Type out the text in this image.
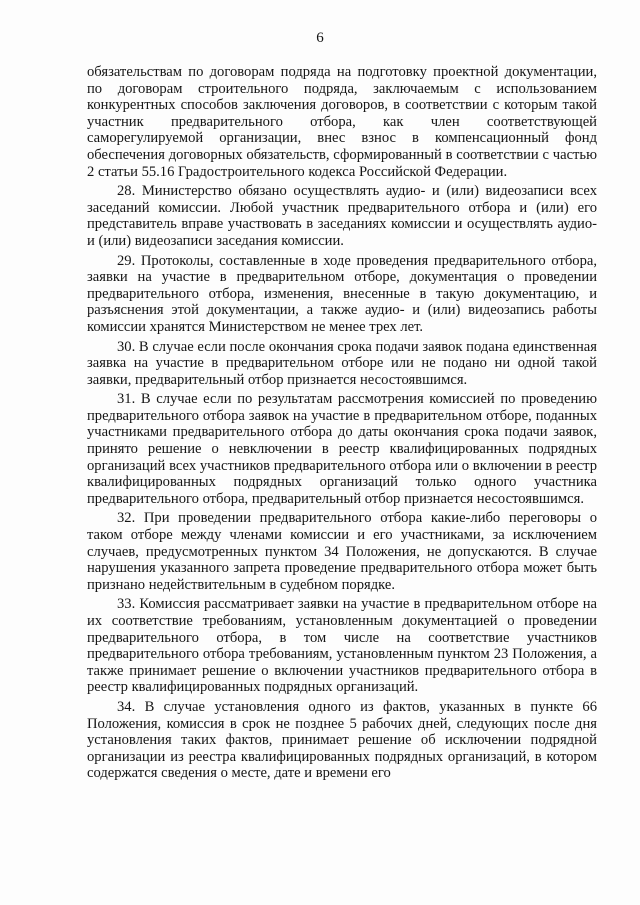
6

обязательствам по договорам подряда на подготовку проектной документации, по договорам строительного подряда, заключаемым с использованием конкурентных способов заключения договоров, в соответствии с которым такой участник предварительного отбора, как член соответствующей саморегулируемой организации, внес взнос в компенсационный фонд обеспечения договорных обязательств, сформированный в соответствии с частью 2 статьи 55.16 Градостроительного кодекса Российской Федерации.

28. Министерство обязано осуществлять аудио- и (или) видеозаписи всех заседаний комиссии. Любой участник предварительного отбора и (или) его представитель вправе участвовать в заседаниях комиссии и осуществлять аудио- и (или) видеозаписи заседания комиссии.

29. Протоколы, составленные в ходе проведения предварительного отбора, заявки на участие в предварительном отборе, документация о проведении предварительного отбора, изменения, внесенные в такую документацию, и разъяснения этой документации, а также аудио- и (или) видеозапись работы комиссии хранятся Министерством не менее трех лет.

30. В случае если после окончания срока подачи заявок подана единственная заявка на участие в предварительном отборе или не подано ни одной такой заявки, предварительный отбор признается несостоявшимся.

31. В случае если по результатам рассмотрения комиссией по проведению предварительного отбора заявок на участие в предварительном отборе, поданных участниками предварительного отбора до даты окончания срока подачи заявок, принято решение о невключении в реестр квалифицированных подрядных организаций всех участников предварительного отбора или о включении в реестр квалифицированных подрядных организаций только одного участника предварительного отбора, предварительный отбор признается несостоявшимся.

32. При проведении предварительного отбора какие-либо переговоры о таком отборе между членами комиссии и его участниками, за исключением случаев, предусмотренных пунктом 34 Положения, не допускаются. В случае нарушения указанного запрета проведение предварительного отбора может быть признано недействительным в судебном порядке.

33. Комиссия рассматривает заявки на участие в предварительном отборе на их соответствие требованиям, установленным документацией о проведении предварительного отбора, в том числе на соответствие участников предварительного отбора требованиям, установленным пунктом 23 Положения, а также принимает решение о включении участников предварительного отбора в реестр квалифицированных подрядных организаций.

34. В случае установления одного из фактов, указанных в пункте 66 Положения, комиссия в срок не позднее 5 рабочих дней, следующих после дня установления таких фактов, принимает решение об исключении подрядной организации из реестра квалифицированных подрядных организаций, в котором содержатся сведения о месте, дате и времени его
